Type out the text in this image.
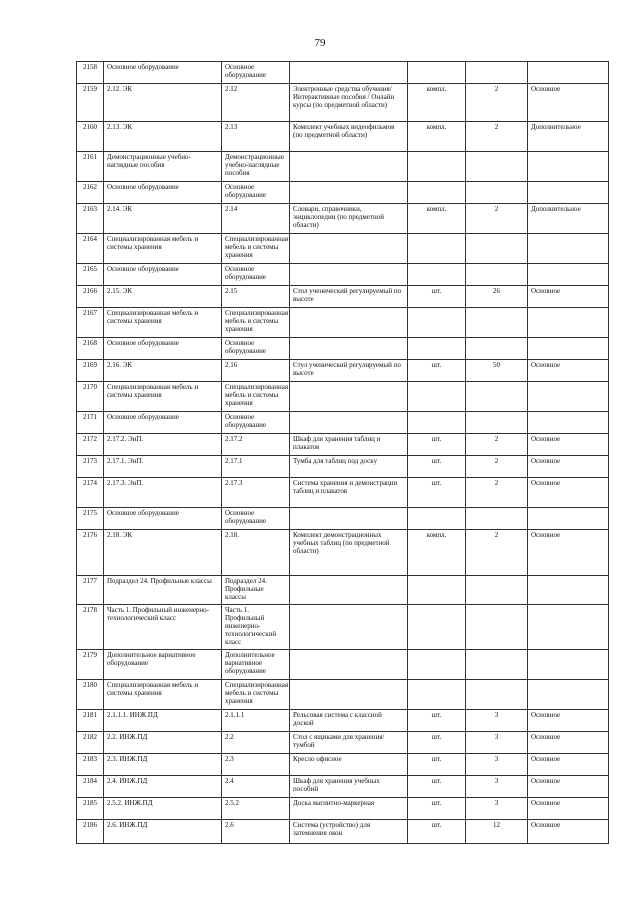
79
2158	Основное оборудование	Основное оборудование				
2159	2.12. ЭК	2.12	Электронные средства обучения/Интерактивные пособия / Онлайн курсы (по предметной области)	компл.	2	Основное
2160	2.13. ЭК	2.13	Комплект учебных видеофильмов (по предметной области)	компл.	2	Дополнительное
2161	Демонстрационные учебно-наглядные пособия	Демонстрационные учебно-наглядные пособия				
2162	Основное оборудование	Основное оборудование				
2163	2.14. ЭК	2.14	Словари, справочники, энциклопедии (по предметной области)	компл.	2	Дополнительное
2164	Специализированная мебель и системы хранения	Специализированная мебель и системы хранения				
2165	Основное оборудование	Основное оборудование				
2166	2.15. ЭК	2.15	Стол ученический регулируемый по высоте	шт.	26	Основное
2167	Специализированная мебель и системы хранения	Специализированная мебель и системы хранения				
2168	Основное оборудование	Основное оборудование				
2169	2.16. ЭК	2.16	Стул ученический регулируемый по высоте	шт.	50	Основное
2170	Специализированная мебель и системы хранения	Специализированная мебель и системы хранения				
2171	Основное оборудование	Основное оборудование				
2172	2.17.2. ЭнП.	2.17.2	Шкаф для хранения таблиц и плакатов	шт.	2	Основное
2173	2.17.1. ЭнП.	2.17.1	Тумба для таблиц под доску	шт.	2	Основное
2174	2.17.3. ЭнП.	2.17.3	Система хранения и демонстрации таблиц и плакатов	шт.	2	Основное
2175	Основное оборудование	Основное оборудование				
2176	2.18. ЭК	2.18.	Комплект демонстрационных учебных таблиц (по предметной области)	компл.	2	Основное
2177	Подраздел 24. Профильные классы	Подраздел 24. Профильные классы				
2178	Часть 1. Профильный инженерно-технологический класс	Часть 1. Профильный инженерно-технологический класс				
2179	Дополнительное вариативное оборудование	Дополнительное вариативное оборудование				
2180	Специализированная мебель и системы хранения	Специализированная мебель и системы хранения				
2181	2.1.1.1. ИНЖ.ПД	2.1.1.1	Рельсовая система с классной доской	шт.	3	Основное
2182	2.2. ИНЖ.ПД	2.2	Стол с ящиками для хранения/тумбой	шт.	3	Основное
2183	2.3. ИНЖ.ПД	2.3	Кресло офисное	шт.	3	Основное
2184	2.4. ИНЖ.ПД	2.4	Шкаф для хранения учебных пособий	шт.	3	Основное
2185	2.5.2. ИНЖ.ПД	2.5.2	Доска магнитно-маркерная	шт.	3	Основное
2186	2.6. ИНЖ.ПД	2.6	Система (устройство) для затемнения окон	шт.	12	Основное
